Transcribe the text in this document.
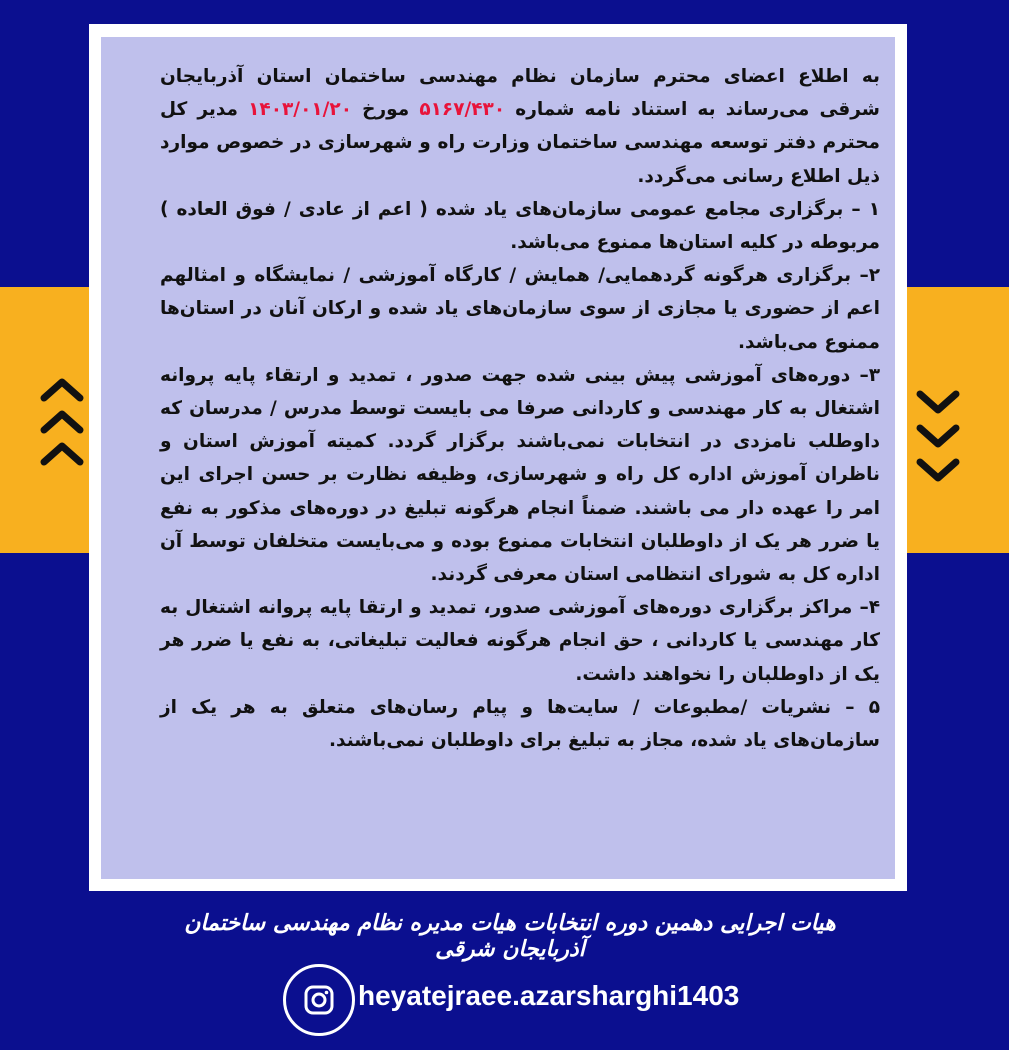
به اطلاع اعضای محترم سازمان نظام مهندسی ساختمان استان آذربایجان شرقی می‌رساند به استناد نامه شماره ۵۱۶۷/۴۳۰ مورخ ۱۴۰۳/۰۱/۲۰ مدیر کل محترم دفتر توسعه مهندسی ساختمان وزارت راه و شهرسازی در خصوص موارد ذیل اطلاع رسانی می‌گردد.

۱ – برگزاری مجامع عمومی سازمان‌های یاد شده ( اعم از عادی / فوق العاده ) مربوطه در کلیه استان‌ها ممنوع می‌باشد.

۲– برگزاری هرگونه گردهمایی/ همایش / کارگاه آموزشی / نمایشگاه و امثالهم اعم از حضوری یا مجازی از سوی سازمان‌های یاد شده و ارکان آنان در استان‌ها ممنوع می‌باشد.

۳– دوره‌های آموزشی پیش بینی شده جهت صدور ، تمدید و ارتقاء پایه پروانه اشتغال به کار مهندسی و کاردانی صرفا می بایست توسط مدرس / مدرسان که داوطلب نامزدی در انتخابات نمی‌باشند برگزار گردد. کمیته آموزش استان و ناظران آموزش اداره کل راه و شهرسازی، وظیفه نظارت بر حسن اجرای این امر را عهده دار می باشند. ضمناً انجام هرگونه تبلیغ در دوره‌های مذکور به نفع یا ضرر هر یک از داوطلبان انتخابات ممنوع بوده و می‌بایست متخلفان توسط آن اداره کل به شورای انتظامی استان معرفی گردند.

۴– مراکز برگزاری دوره‌های آموزشی صدور، تمدید و ارتقا پایه پروانه اشتغال به کار مهندسی یا کاردانی ، حق انجام هرگونه فعالیت تبلیغاتی، به نفع یا ضرر هر یک از داوطلبان را نخواهند داشت.

۵ – نشریات /مطبوعات / سایت‌ها و پیام رسان‌های متعلق به هر یک از سازمان‌های یاد شده، مجاز به تبلیغ برای داوطلبان نمی‌باشند.

هیات اجرایی دهمین دوره انتخابات هیات مدیره نظام مهندسی ساختمان آذربایجان شرقی
heyatejraee.azarsharghi1403
